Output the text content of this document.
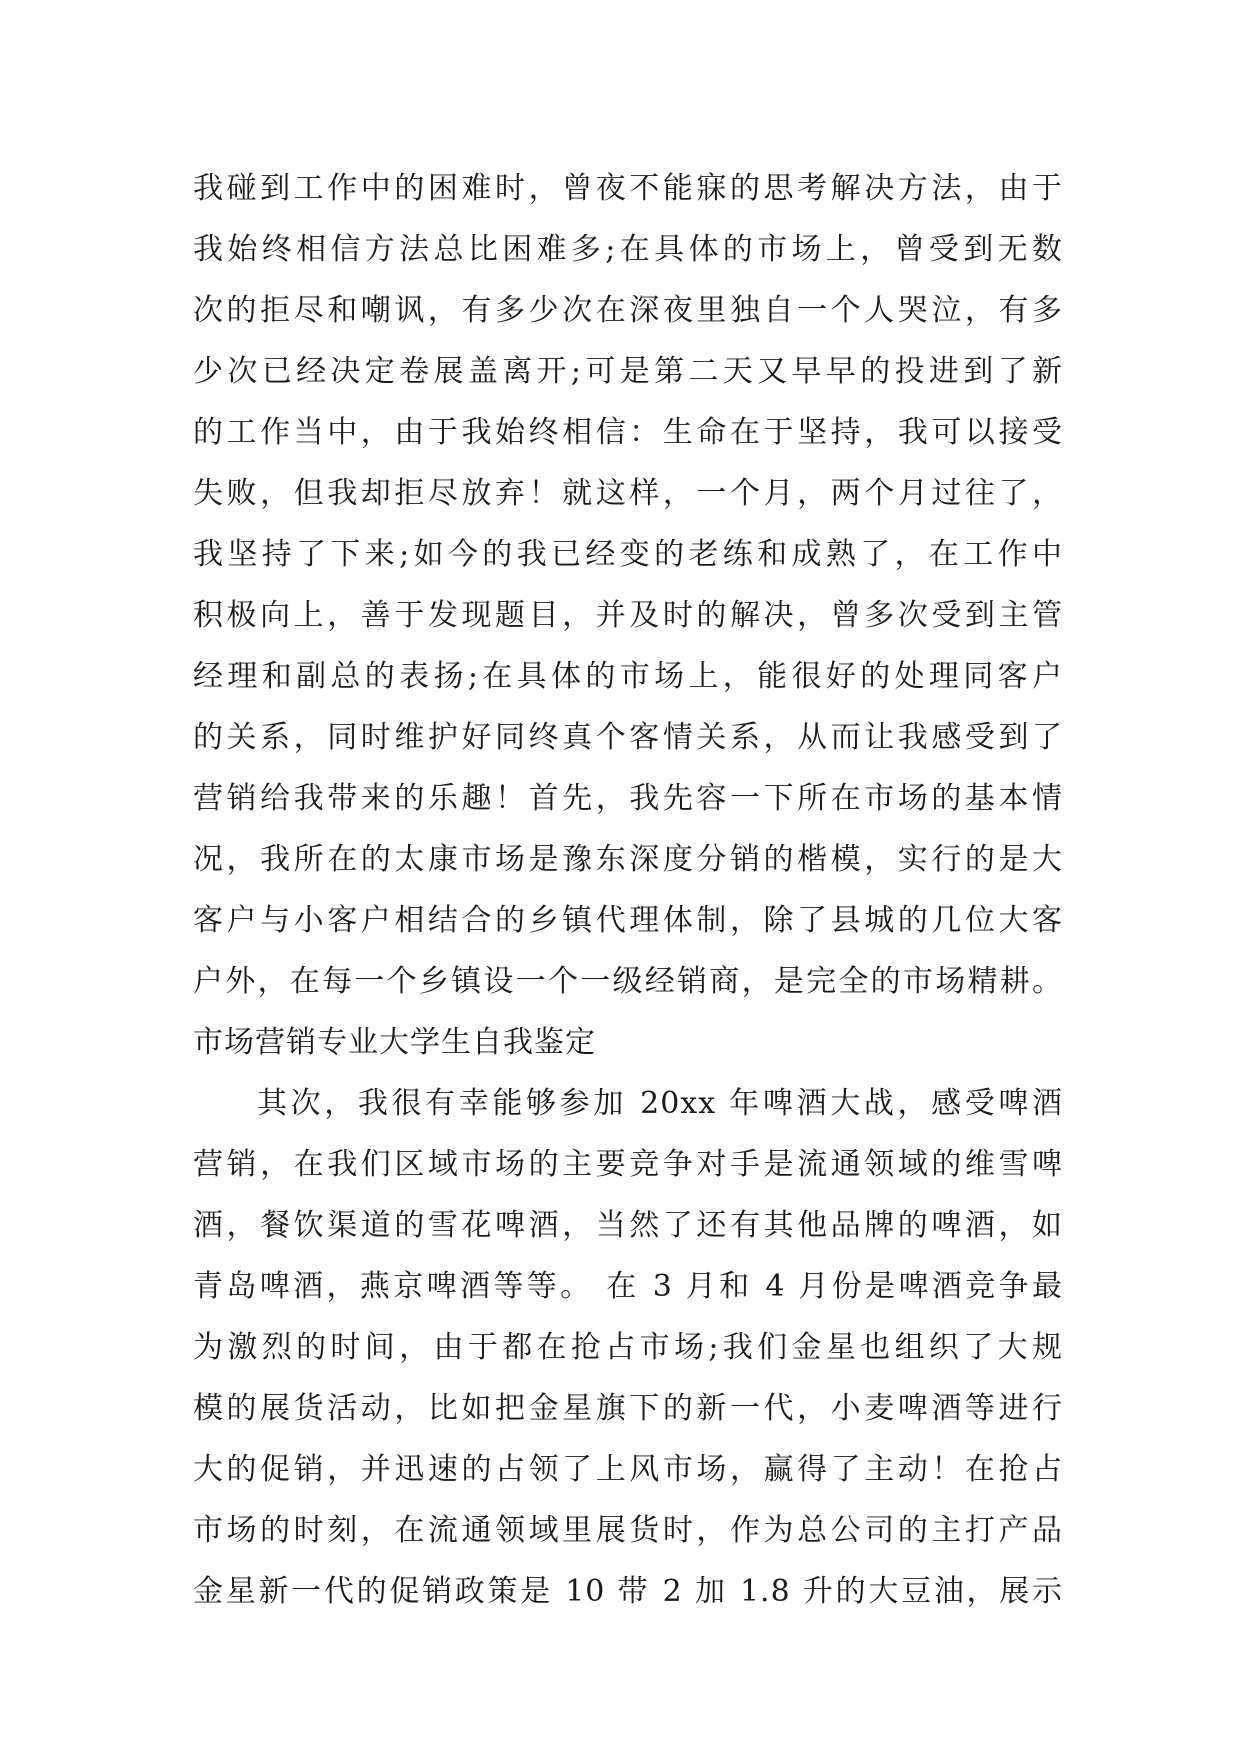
我碰到工作中的困难时，曾夜不能寐的思考解决方法，由于
我始终相信方法总比困难多;在具体的市场上，曾受到无数
次的拒尽和嘲讽，有多少次在深夜里独自一个人哭泣，有多
少次已经决定卷展盖离开;可是第二天又早早的投进到了新
的工作当中，由于我始终相信：生命在于坚持，我可以接受
失败，但我却拒尽放弃！就这样，一个月，两个月过往了，
我坚持了下来;如今的我已经变的老练和成熟了，在工作中
积极向上，善于发现题目，并及时的解决，曾多次受到主管
经理和副总的表扬;在具体的市场上，能很好的处理同客户
的关系，同时维护好同终真个客情关系，从而让我感受到了
营销给我带来的乐趣！首先，我先容一下所在市场的基本情
况，我所在的太康市场是豫东深度分销的楷模，实行的是大
客户与小客户相结合的乡镇代理体制，除了县城的几位大客
户外，在每一个乡镇设一个一级经销商，是完全的市场精耕。
市场营销专业大学生自我鉴定
其次，我很有幸能够参加 20xx 年啤酒大战，感受啤酒
营销，在我们区域市场的主要竞争对手是流通领域的维雪啤
酒，餐饮渠道的雪花啤酒，当然了还有其他品牌的啤酒，如
青岛啤酒，燕京啤酒等等。 在 3 月和 4 月份是啤酒竞争最
为激烈的时间，由于都在抢占市场;我们金星也组织了大规
模的展货活动，比如把金星旗下的新一代，小麦啤酒等进行
大的促销，并迅速的占领了上风市场，赢得了主动！在抢占
市场的时刻，在流通领域里展货时，作为总公司的主打产品
金星新一代的促销政策是 10 带 2 加 1.8 升的大豆油，展示
